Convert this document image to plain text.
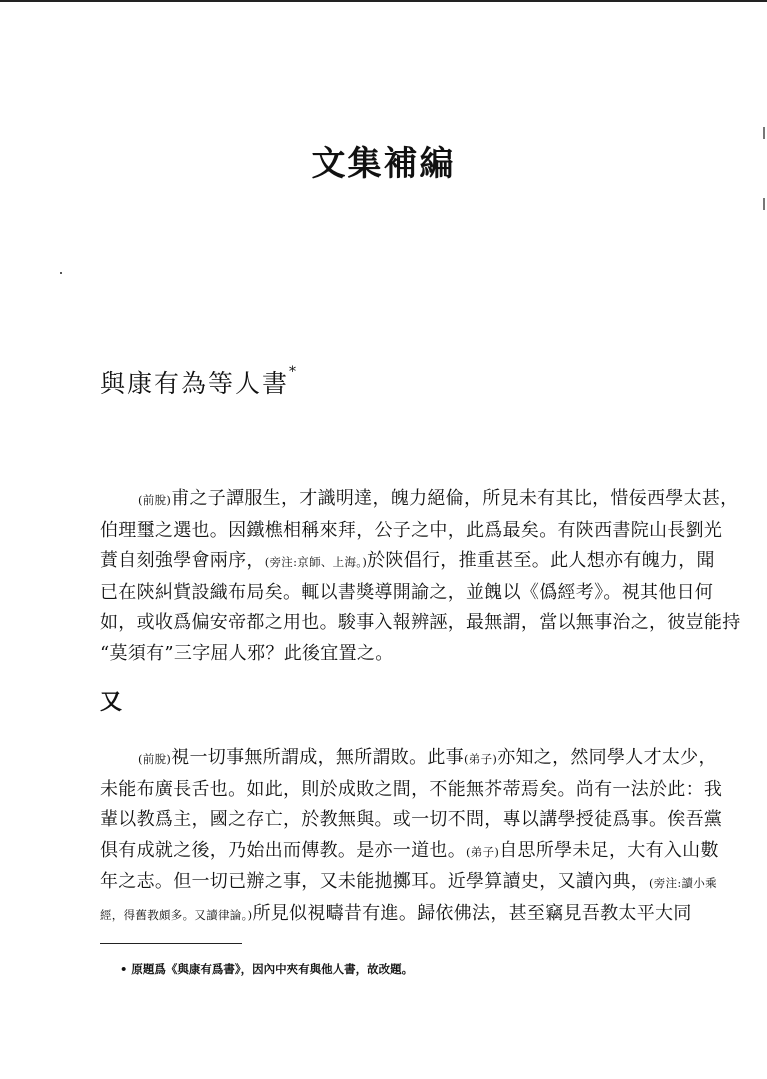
文集補編
與康有為等人書*
(前脫)甫之子譚服生，才識明達，魄力絕倫，所見未有其比，惜佞西學太甚，
伯理璽之選也。因鐵樵相稱來拜，公子之中，此爲最矣。有陝西書院山長劉光
蕡自刻強學會兩序，(旁注:京師、上海。)於陝倡行，推重甚至。此人想亦有魄力，聞
已在陝糾貲設織布局矣。輒以書獎導開諭之，並餽以《僞經考》。視其他日何
如，或收爲偏安帝都之用也。駿事入報辨誣，最無謂，當以無事治之，彼豈能持
“莫須有”三字屈人邪？此後宜置之。
又
(前脫)視一切事無所謂成，無所謂敗。此事(弟子)亦知之，然同學人才太少，
未能布廣長舌也。如此，則於成敗之間，不能無芥蒂焉矣。尚有一法於此：我
輩以教爲主，國之存亡，於教無與。或一切不問，專以講學授徒爲事。俟吾黨
俱有成就之後，乃始出而傳教。是亦一道也。(弟子)自思所學未足，大有入山數
年之志。但一切已辦之事，又未能拋擲耳。近學算讀史，又讀內典，(旁注:讀小乘
經，得舊教頗多。又讀律論。)所見似視疇昔有進。歸依佛法，甚至竊見吾教太平大同

• 原題爲《與康有爲書》，因內中夾有與他人書，故改題。
